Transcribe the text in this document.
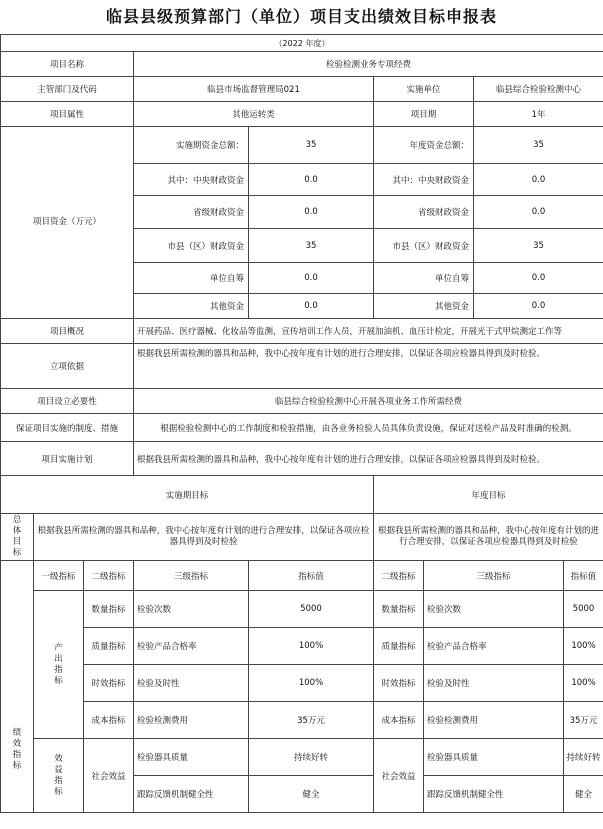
临县县级预算部门（单位）项目支出绩效目标申报表
（2022 年度）								
项目名称			检验检测业务专项经费					
主管部门及代码			临县市场监督管理局021		实施单位		临县综合检验检测中心	
项目属性			其他运转类		项目期		1年	
项目资金（万元）			实施期资金总额：	35	年度资金总额：		35	
			其中：中央财政资金	0.0	其中：中央财政资金		0.0	
			省级财政资金	0.0	省级财政资金		0.0	
			市县（区）财政资金	35	市县（区）财政资金		35	
			单位自筹	0.0	单位自筹		0.0	
			其他资金	0.0	其他资金		0.0	
项目概况			开展药品、医疗器械、化妆品等监测，宣传培训工作人员，开展加油机、血压计检定，开展光干式甲烷测定工作等					
立项依据			根据我县所需检测的器具和品种，我中心按年度有计划的进行合理安排，以保证各项应检器具得到及时检验。					
项目设立必要性			临县综合检验检测中心开展各项业务工作所需经费					
保证项目实施的制度、措施			根据检验检测中心的工作制度和检验措施，由各业务检验人员具体负责设施，保证对送检产品及时准确的检测。					
项目实施计划			根据我县所需检测的器具和品种，我中心按年度有计划的进行合理安排，以保证各项应检器具得到及时检验。					
实施期目标					年度目标			
总体目标	根据我县所需检测的器具和品种，我中心按年度有计划的进行合理安排，以保证各项应检器具得到及时检验				根据我县所需检测的器具和品种，我中心按年度有计划的进行合理安排，以保证各项应检器具得到及时检验			
绩效指标	一级指标	二级指标	三级指标	指标值	二级指标	三级指标		指标值
	产出指标	数量指标	检验次数	5000	数量指标	检验次数		5000
		质量指标	检验产品合格率	100%	质量指标	检验产品合格率		100%
		时效指标	检验及时性	100%	时效指标	检验及时性		100%
		成本指标	检验检测费用	35万元	成本指标	检验检测费用		35万元
	效益指标	社会效益	检验器具质量	持续好转	社会效益	检验器具质量		持续好转
			跟踪反馈机制健全性	健全		跟踪反馈机制健全性		健全
